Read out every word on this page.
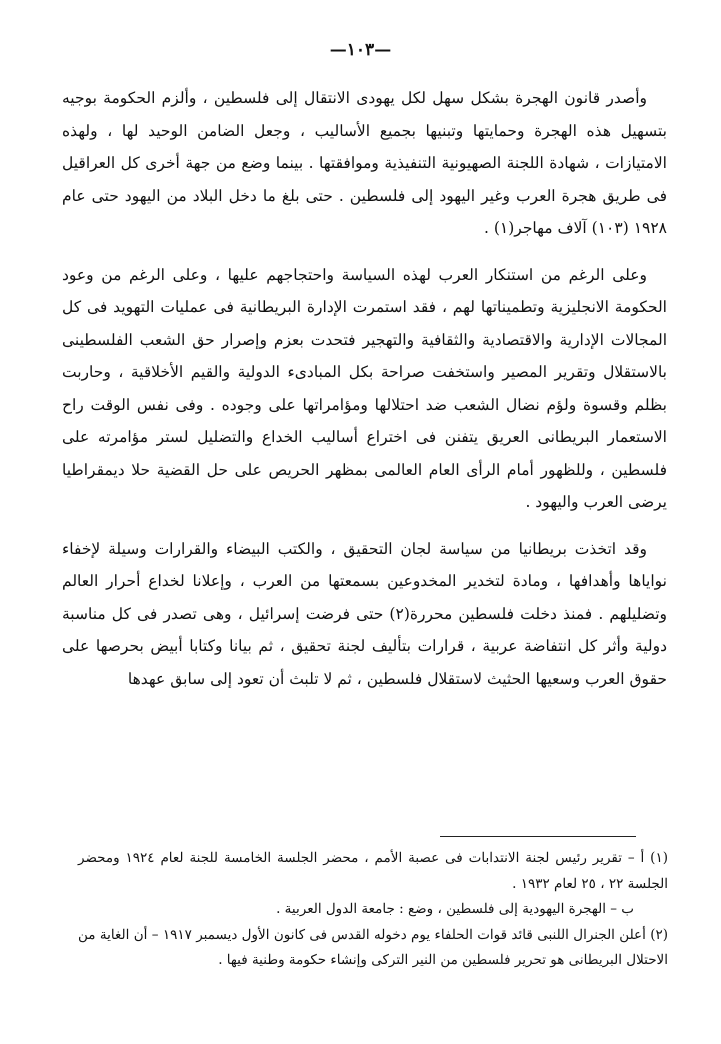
—١٠٣—

وأصدر قانون الهجرة بشكل سهل لكل يهودى الانتقال إلى فلسطين ، وألزم الحكومة بوجيه بتسهيل هذه الهجرة وحمايتها وتبنيها بجميع الأساليب ، وجعل الضامن الوحيد لها ، ولهذه الامتيازات ، شهادة اللجنة الصهيونية التنفيذية وموافقتها . بينما وضع من جهة أخرى كل العراقيل فى طريق هجرة العرب وغير اليهود إلى فلسطين . حتى بلغ ما دخل البلاد من اليهود حتى عام ١٩٢٨ (١٠٣) آلاف مهاجر(١) .

وعلى الرغم من استنكار العرب لهذه السياسة واحتجاجهم عليها ، وعلى الرغم من وعود الحكومة الانجليزية وتطميناتها لهم ، فقد استمرت الإدارة البريطانية فى عمليات التهويد فى كل المجالات الإدارية والاقتصادية والثقافية والتهجير فتحدت بعزم وإصرار حق الشعب الفلسطينى بالاستقلال وتقرير المصير واستخفت صراحة بكل المبادىء الدولية والقيم الأخلاقية ، وحاربت بظلم وقسوة ولؤم نضال الشعب ضد احتلالها ومؤامراتها على وجوده . وفى نفس الوقت راح الاستعمار البريطانى العريق يتفنن فى اختراع أساليب الخداع والتضليل لستر مؤامرته على فلسطين ، وللظهور أمام الرأى العام العالمى بمظهر الحريص على حل القضية حلا ديمقراطيا يرضى العرب واليهود .

وقد اتخذت بريطانيا من سياسة لجان التحقيق ، والكتب البيضاء والقرارات وسيلة لإخفاء نواياها وأهدافها ، ومادة لتخدير المخدوعين بسمعتها من العرب ، وإعلانا لخداع أحرار العالم وتضليلهم . فمنذ دخلت فلسطين محررة(٢) حتى فرضت إسرائيل ، وهى تصدر فى كل مناسبة دولية وأثر كل انتفاضة عربية ، قرارات بتأليف لجنة تحقيق ، ثم بيانا وكتابا أبيض بحرصها على حقوق العرب وسعيها الحثيث لاستقلال فلسطين ، ثم لا تلبث أن تعود إلى سابق عهدها

(١) أ – تقرير رئيس لجنة الانتدابات فى عصبة الأمم ، محضر الجلسة الخامسة للجنة لعام ١٩٢٤ ومحضر الجلسة ٢٢ ، ٢٥ لعام ١٩٣٢ .

ب – الهجرة اليهودية إلى فلسطين ، وضع : جامعة الدول العربية .

(٢) أعلن الجنرال اللنبى قائد قوات الحلفاء يوم دخوله القدس فى كانون الأول ديسمبر ١٩١٧ – أن الغاية من الاحتلال البريطانى هو تحرير فلسطين من النير التركى وإنشاء حكومة وطنية فيها .
